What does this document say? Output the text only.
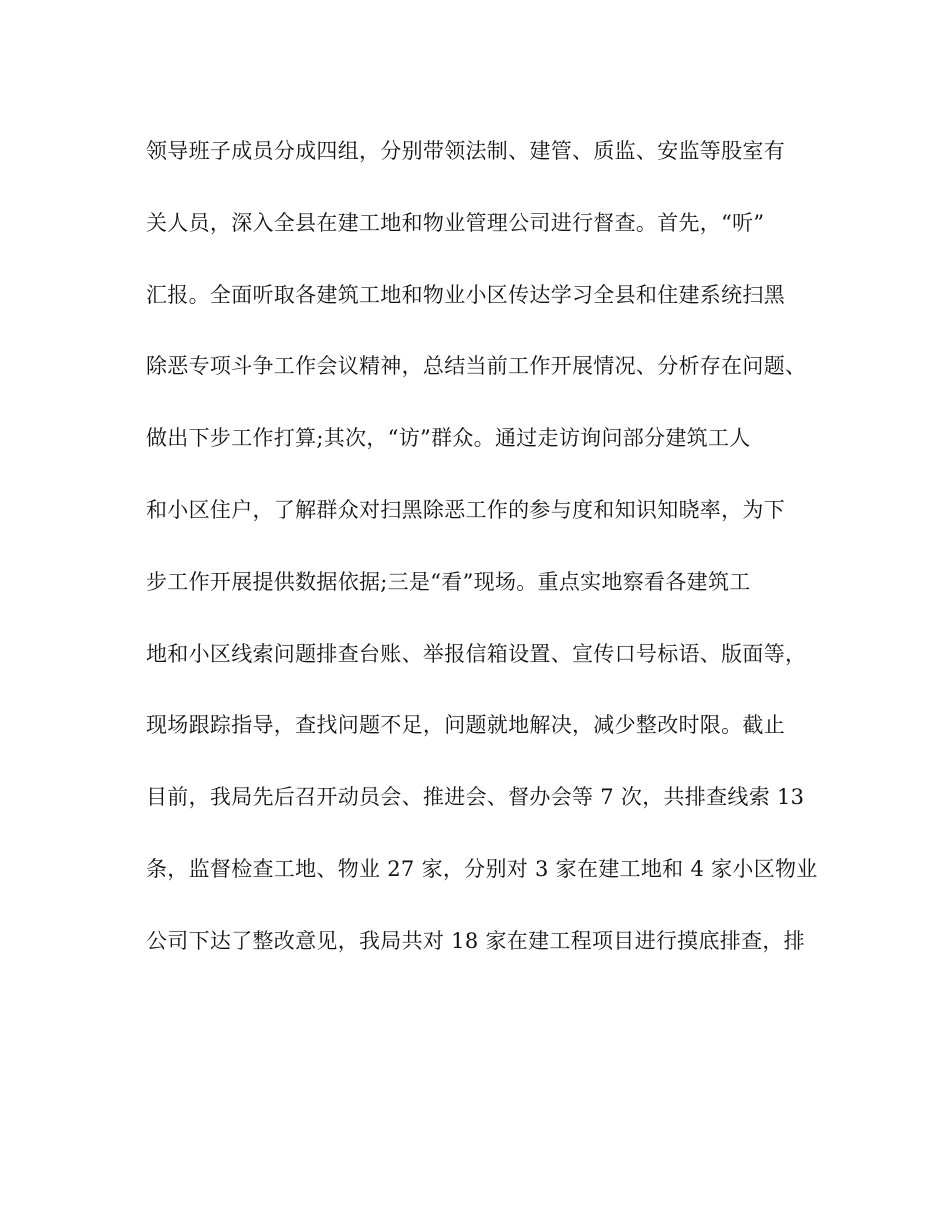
领导班子成员分成四组，分别带领法制、建管、质监、安监等股室有

关人员，深入全县在建工地和物业管理公司进行督查。首先，“听”

汇报。全面听取各建筑工地和物业小区传达学习全县和住建系统扫黑

除恶专项斗争工作会议精神，总结当前工作开展情况、分析存在问题、

做出下步工作打算;其次，“访”群众。通过走访询问部分建筑工人

和小区住户，了解群众对扫黑除恶工作的参与度和知识知晓率，为下

步工作开展提供数据依据;三是“看”现场。重点实地察看各建筑工

地和小区线索问题排查台账、举报信箱设置、宣传口号标语、版面等，

现场跟踪指导，查找问题不足，问题就地解决，减少整改时限。截止

目前，我局先后召开动员会、推进会、督办会等 7 次，共排查线索 13

条，监督检查工地、物业 27 家，分别对 3 家在建工地和 4 家小区物业

公司下达了整改意见，我局共对 18 家在建工程项目进行摸底排查，排
